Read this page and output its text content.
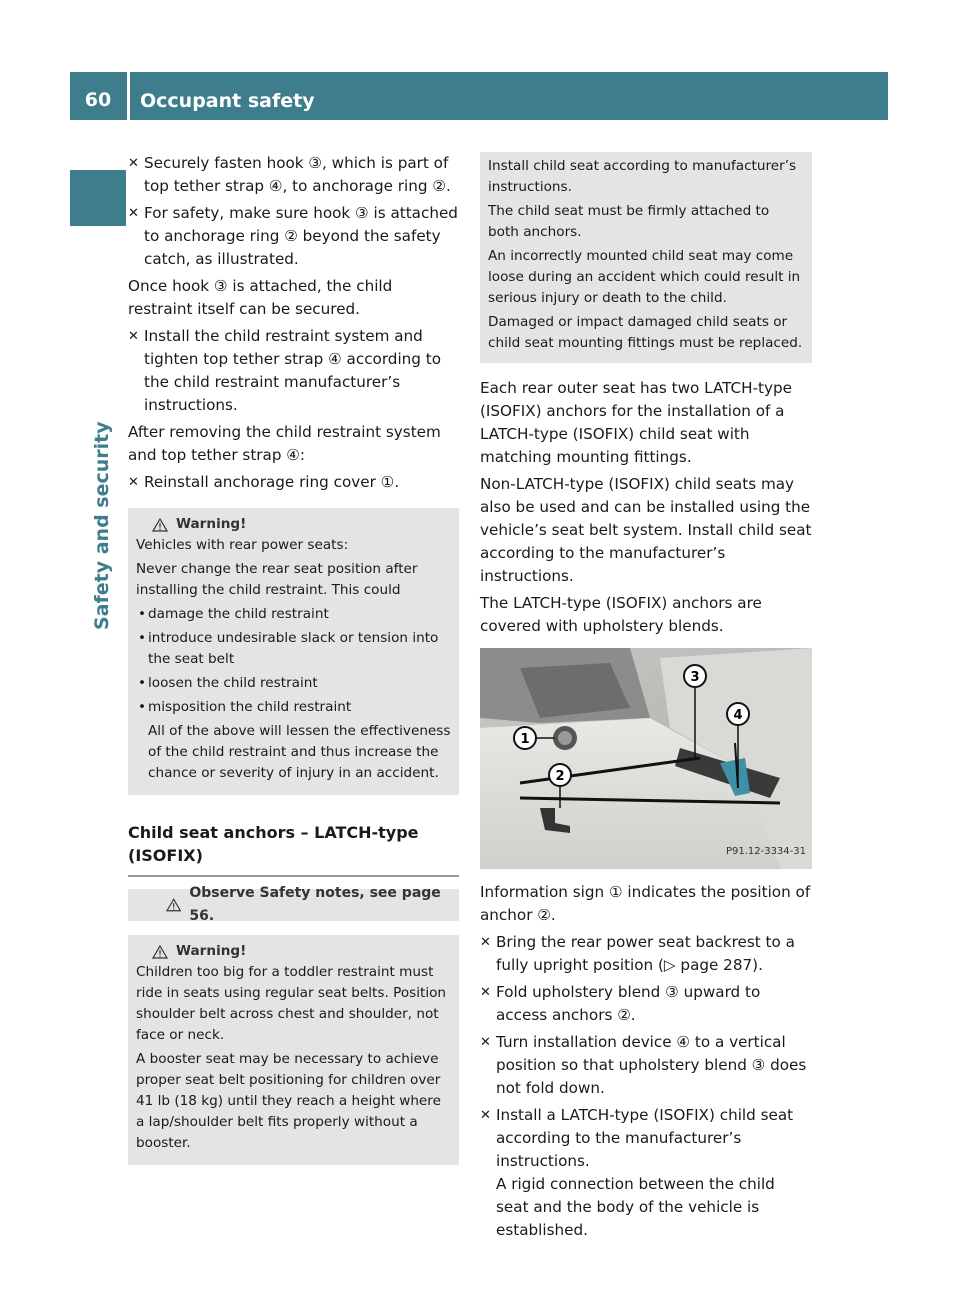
60	Occupant safety
Safety and security
✕ Securely fasten hook ③, which is part of top tether strap ④, to anchorage ring ②.
✕ For safety, make sure hook ③ is attached to anchorage ring ② beyond the safety catch, as illustrated.

Once hook ③ is attached, the child restraint itself can be secured.

✕ Install the child restraint system and tighten top tether strap ④ according to the child restraint manufacturer’s instructions.

After removing the child restraint system and top tether strap ④:

✕ Reinstall anchorage ring cover ①.
Warning!

Vehicles with rear power seats:

Never change the rear seat position after installing the child restraint. This could

• damage the child restraint
• introduce undesirable slack or tension into the seat belt
• loosen the child restraint
• misposition the child restraint

All of the above will lessen the effectiveness of the child restraint and thus increase the chance or severity of injury in an accident.

Child seat anchors – LATCH-type (ISOFIX)
Observe Safety notes, see page 56.
Warning!

Children too big for a toddler restraint must ride in seats using regular seat belts. Position shoulder belt across chest and shoulder, not face or neck.

A booster seat may be necessary to achieve proper seat belt positioning for children over 41 lb (18 kg) until they reach a height where a lap/shoulder belt fits properly without a booster.

Install child seat according to manufacturer’s instructions.

The child seat must be firmly attached to both anchors.

An incorrectly mounted child seat may come loose during an accident which could result in serious injury or death to the child.

Damaged or impact damaged child seats or child seat mounting fittings must be replaced.

Each rear outer seat has two LATCH-type (ISOFIX) anchors for the installation of a LATCH-type (ISOFIX) child seat with matching mounting fittings.

Non-LATCH-type (ISOFIX) child seats may also be used and can be installed using the vehicle’s seat belt system. Install child seat according to the manufacturer’s instructions.

The LATCH-type (ISOFIX) anchors are covered with upholstery blends.

1
2
3
4
P91.12-3334-31

Information sign ① indicates the position of anchor ②.

✕ Bring the rear power seat backrest to a fully upright position (▷ page 287).
✕ Fold upholstery blend ③ upward to access anchors ②.
✕ Turn installation device ④ to a vertical position so that upholstery blend ③ does not fold down.
✕ Install a LATCH-type (ISOFIX) child seat according to the manufacturer’s instructions.

A rigid connection between the child seat and the body of the vehicle is established.
